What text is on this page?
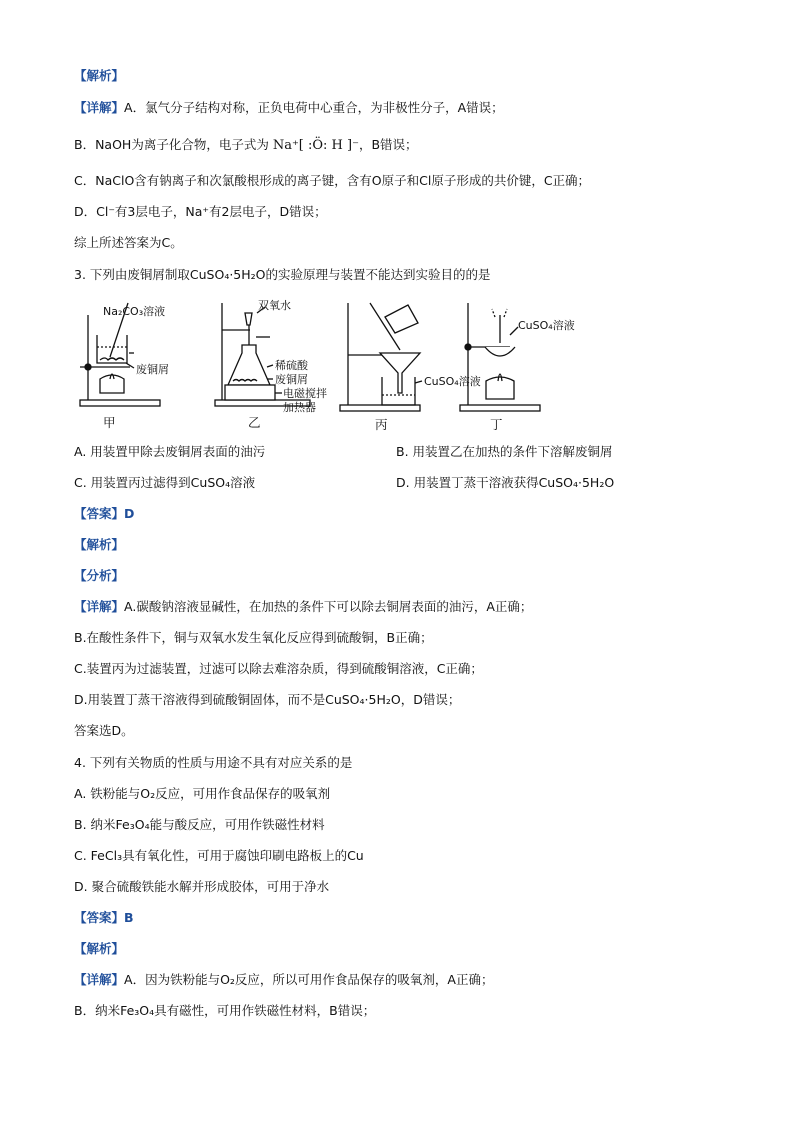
【解析】
【详解】A．氯气分子结构对称，正负电荷中心重合，为非极性分子，A错误；
B．NaOH为离子化合物，电子式为 Na⁺[ :Ö: H ]⁻，B错误；
C．NaClO含有钠离子和次氯酸根形成的离子键，含有O原子和Cl原子形成的共价键，C正确；
D．Cl⁻有3层电子，Na⁺有2层电子，D错误；
综上所述答案为C。
3. 下列由废铜屑制取CuSO₄·5H₂O的实验原理与装置不能达到实验目的的是
Na₂CO₃溶液
废铜屑
双氧水
稀硫酸
废铜屑
电磁搅拌
加热器
CuSO₄溶液
CuSO₄溶液
甲	乙	丙	丁
A. 用装置甲除去废铜屑表面的油污	B. 用装置乙在加热的条件下溶解废铜屑
C. 用装置丙过滤得到CuSO₄溶液	D. 用装置丁蒸干溶液获得CuSO₄·5H₂O
【答案】D
【解析】
【分析】
【详解】A.碳酸钠溶液显碱性，在加热的条件下可以除去铜屑表面的油污，A正确；
B.在酸性条件下，铜与双氧水发生氧化反应得到硫酸铜，B正确；
C.装置丙为过滤装置，过滤可以除去难溶杂质，得到硫酸铜溶液，C正确；
D.用装置丁蒸干溶液得到硫酸铜固体，而不是CuSO₄·5H₂O，D错误；
答案选D。
4. 下列有关物质的性质与用途不具有对应关系的是
A. 铁粉能与O₂反应，可用作食品保存的吸氧剂
B. 纳米Fe₃O₄能与酸反应，可用作铁磁性材料
C. FeCl₃具有氧化性，可用于腐蚀印刷电路板上的Cu
D. 聚合硫酸铁能水解并形成胶体，可用于净水
【答案】B
【解析】
【详解】A．因为铁粉能与O₂反应，所以可用作食品保存的吸氧剂，A正确；
B．纳米Fe₃O₄具有磁性，可用作铁磁性材料，B错误；
